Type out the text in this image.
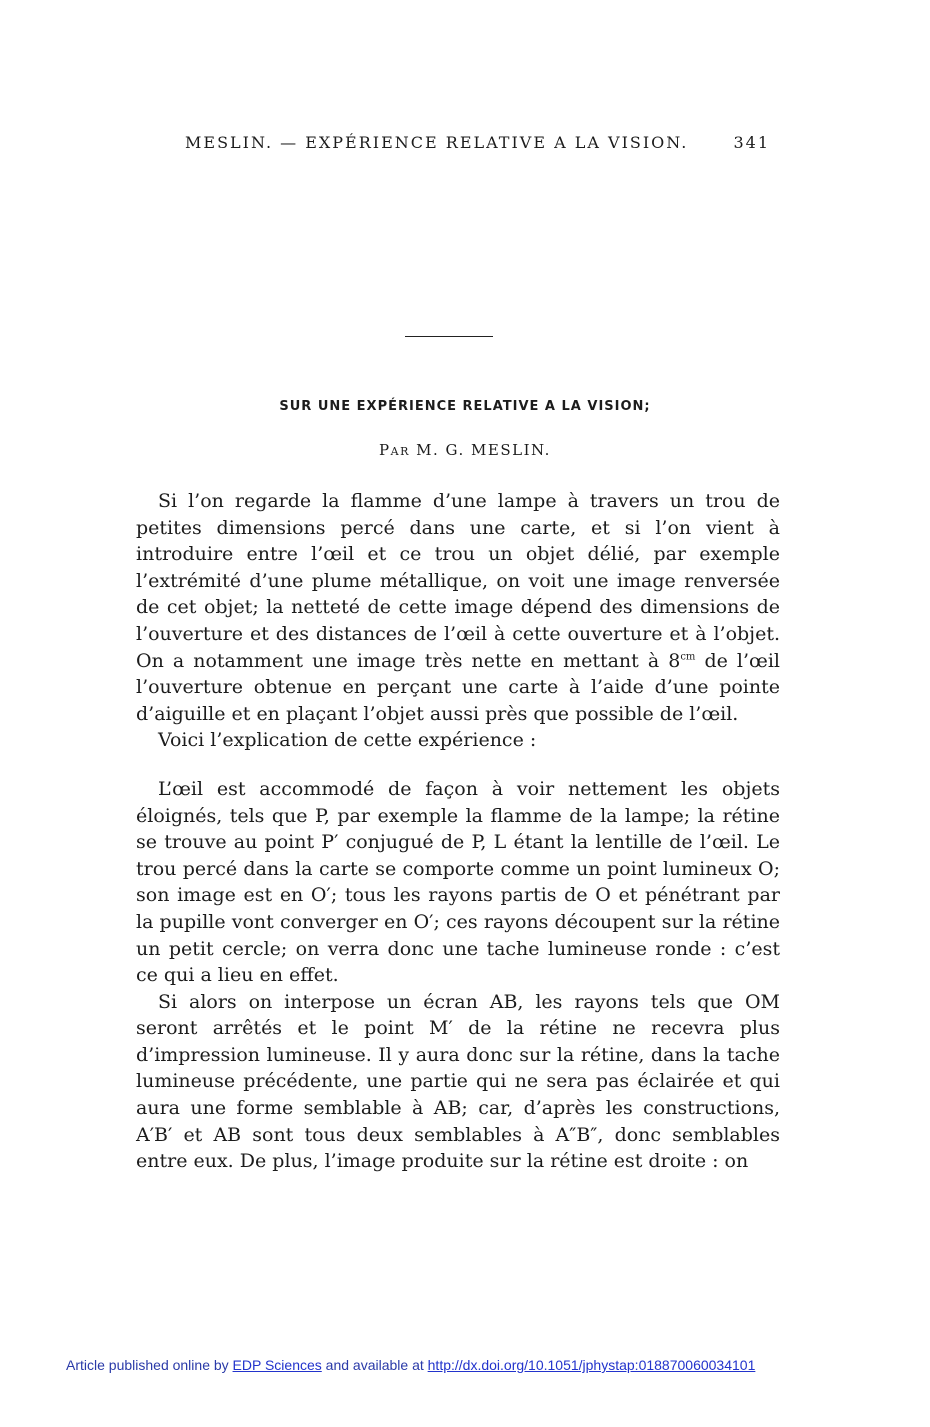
MESLIN. — EXPÉRIENCE RELATIVE A LA VISION.	341
SUR UNE EXPÉRIENCE RELATIVE A LA VISION;
Par M. G. MESLIN.

Si l’on regarde la flamme d’une lampe à travers un trou de petites dimensions percé dans une carte, et si l’on vient à introduire entre l’œil et ce trou un objet délié, par exemple l’extrémité d’une plume métallique, on voit une image renversée de cet objet; la netteté de cette image dépend des dimensions de l’ouverture et des distances de l’œil à cette ouverture et à l’objet. On a notamment une image très nette en mettant à $8^{cm}$ de l’œil l’ouverture obtenue en perçant une carte à l’aide d’une pointe d’aiguille et en plaçant l’objet aussi près que possible de l’œil.

Voici l’explication de cette expérience :

L’œil est accommodé de façon à voir nettement les objets éloignés, tels que P, par exemple la flamme de la lampe; la rétine se trouve au point P′ conjugué de P, L étant la lentille de l’œil. Le trou percé dans la carte se comporte comme un point lumineux O; son image est en O′; tous les rayons partis de O et pénétrant par la pupille vont converger en O′; ces rayons découpent sur la rétine un petit cercle; on verra donc une tache lumineuse ronde : c’est ce qui a lieu en effet.

Si alors on interpose un écran AB, les rayons tels que OM seront arrêtés et le point M′ de la rétine ne recevra plus d’impression lumineuse. Il y aura donc sur la rétine, dans la tache lumineuse précédente, une partie qui ne sera pas éclairée et qui aura une forme semblable à AB; car, d’après les constructions, A′B′ et AB sont tous deux semblables à A″B″, donc semblables entre eux. De plus, l’image produite sur la rétine est droite : on

Article published online by EDP Sciences and available at http://dx.doi.org/10.1051/jphystap:018870060034101
